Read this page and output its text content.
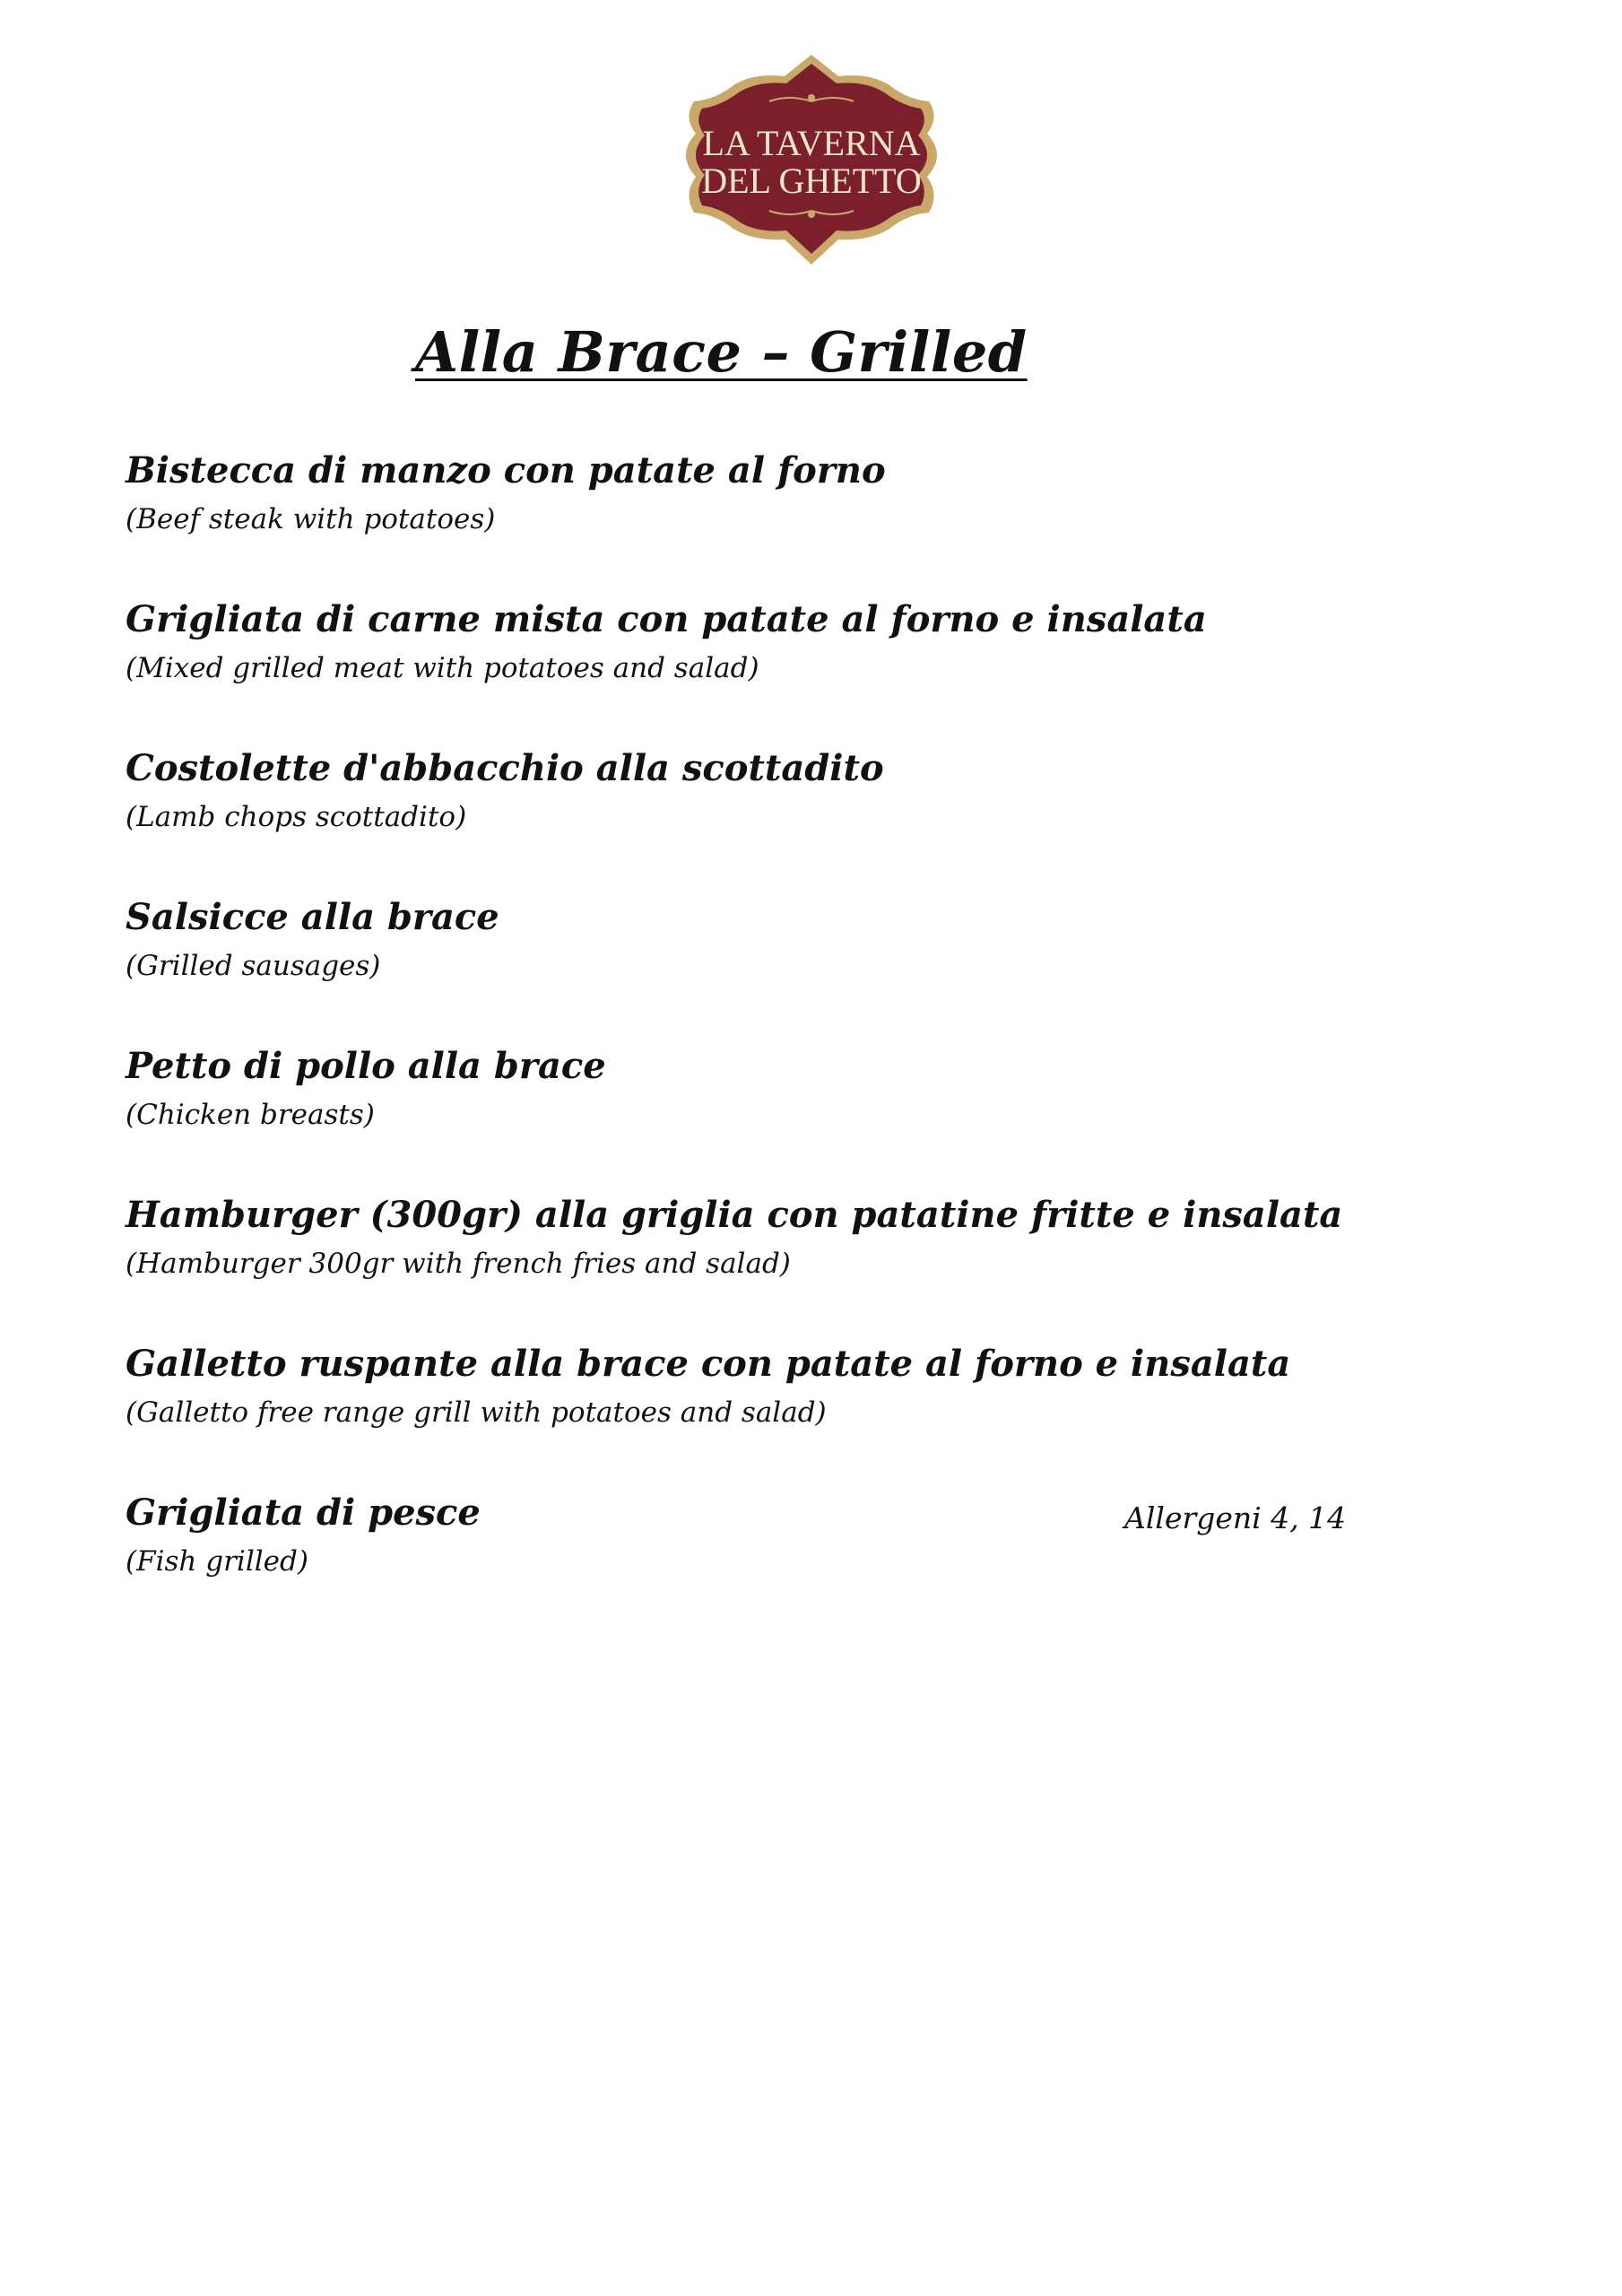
LA TAVERNA
DEL GHETTO
Alla Brace – Grilled
Bistecca di manzo con patate al forno
(Beef steak with potatoes)
Grigliata di carne mista con patate al forno e insalata
(Mixed grilled meat with potatoes and salad)
Costolette d'abbacchio alla scottadito
(Lamb chops scottadito)
Salsicce alla brace
(Grilled sausages)
Petto di pollo alla brace
(Chicken breasts)
Hamburger (300gr) alla griglia con patatine fritte e insalata
(Hamburger 300gr with french fries and salad)
Galletto ruspante alla brace con patate al forno e insalata
(Galletto free range grill with potatoes and salad)
Grigliata di pesce
(Fish grilled)
Allergeni 4, 14
